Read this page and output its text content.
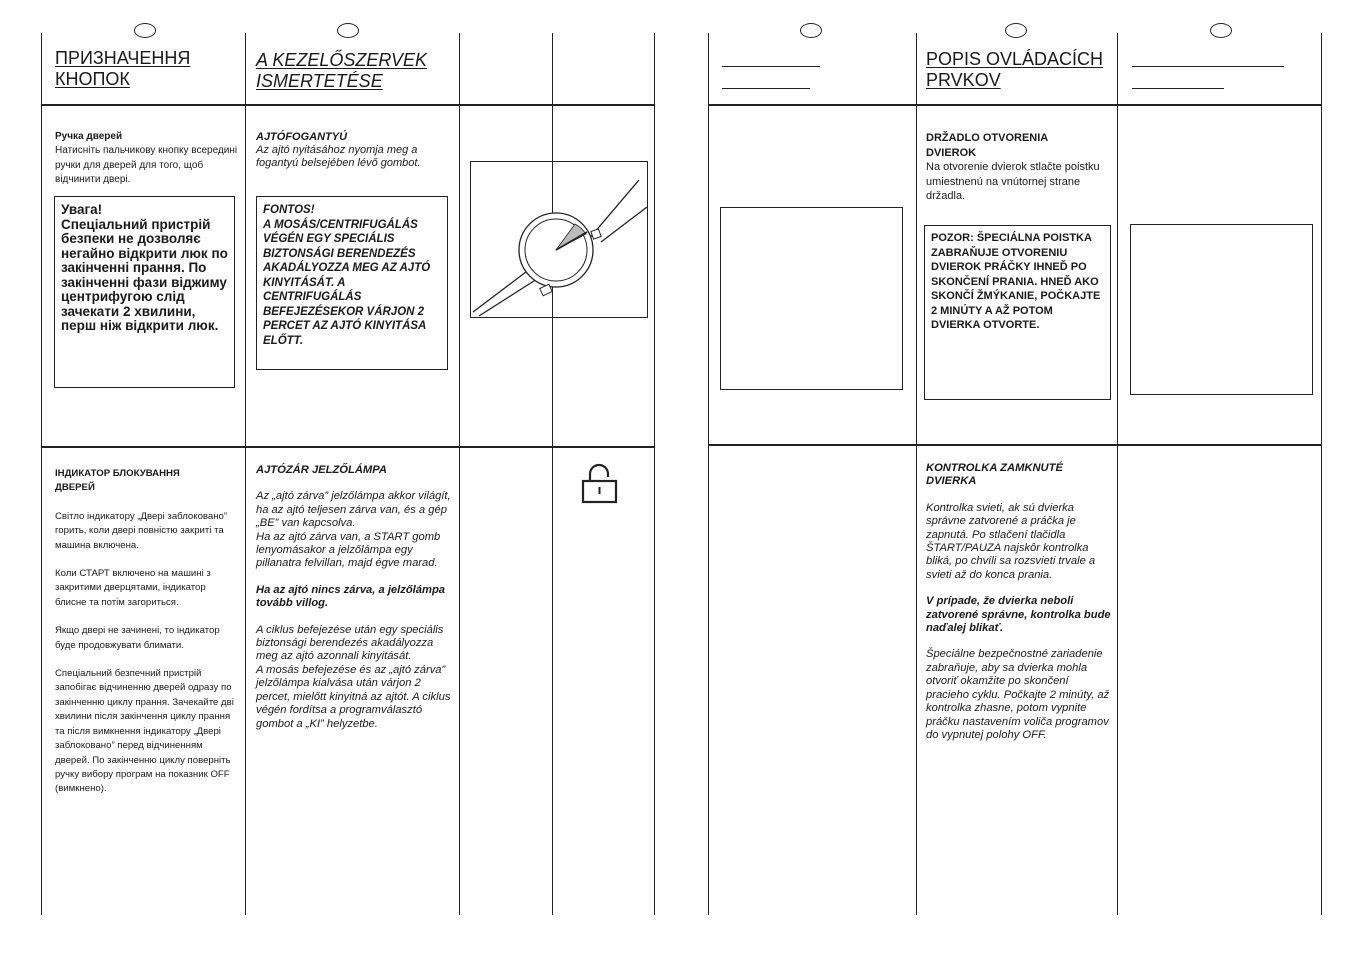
ПРИЗНАЧЕННЯ
КНОПОК
A KEZELŐSZERVEK
ISMERTETÉSE
POPIS OVLÁDACÍCH
PRVKOV
Ручка дверей
Натисніть пальчикову кнопку всередині ручки для дверей для того, щоб відчинити двері.
Увага!
Спеціальний пристрій безпеки не дозволяє негайно відкрити люк по закінченні прання. По закінченні фази віджиму центрифугою слід зачекати 2 хвилини, перш ніж відкрити люк.
AJTÓFOGANTYÚ
Az ajtó nyitásához nyomja meg a fogantyú belsejében lévő gombot.
FONTOS!
A MOSÁS/CENTRIFUGÁLÁS VÉGÉN EGY SPECIÁLIS BIZTONSÁGI BERENDEZÉS AKADÁLYOZZA MEG AZ AJTÓ KINYITÁSÁT. A CENTRIFUGÁLÁS BEFEJEZÉSEKOR VÁRJON 2 PERCET AZ AJTÓ KINYITÁSA ELŐTT.
DRŽADLO OTVORENIA DVIEROK
Na otvorenie dvierok stlačte poistku umiestnenú na vnútornej strane držadla.
POZOR: ŠPECIÁLNA POISTKA ZABRAŇUJE OTVORENIU DVIEROK PRÁČKY IHNEĎ PO SKONČENÍ PRANIA. HNEĎ AKO SKONČÍ ŽMÝKANIE, POČKAJTE 2 MINÚTY A AŽ POTOM DVIERKA OTVORTE.
ІНДИКАТОР БЛОКУВАННЯ ДВЕРЕЙ
Світло індикатору „Двері заблоковано” горить, коли двері повністю закриті та машина включена.
Коли СТАРТ включено на машині з закритими дверцятами, індикатор блисне та потім загориться.
Якщо двері не зачинені, то індикатор буде продовжувати блимати.
Спеціальний безпечний пристрій запобігає відчиненню дверей одразу по закінченню циклу прання. Зачекайте дві хвилини після закінчення циклу прання та після вимкнення індикатору „Двері заблоковано” перед відчиненням дверей. По закінченню циклу поверніть ручку вибору програм на показник OFF (вимкнено).
AJTÓZÁR JELZŐLÁMPA
Az „ajtó zárva” jelzőlámpa akkor világít, ha az ajtó teljesen zárva van, és a gép „BE” van kapcsolva.
Ha az ajtó zárva van, a START gomb lenyomásakor a jelzőlámpa egy pillanatra felvillan, majd égve marad.
Ha az ajtó nincs zárva, a jelzőlámpa tovább villog.
A ciklus befejezése után egy speciális biztonsági berendezés akadályozza meg az ajtó azonnali kinyitását.
A mosás befejezése és az „ajtó zárva” jelzőlámpa kialvása után várjon 2 percet, mielőtt kinyitná az ajtót. A ciklus végén fordítsa a programválasztó gombot a „KI” helyzetbe.
KONTROLKA ZAMKNUTÉ DVIERKA
Kontrolka svieti, ak sú dvierka správne zatvorené a práčka je zapnutá. Po stlačení tlačidla ŠTART/PAUZA najskôr kontrolka bliká, po chvíli sa rozsvieti trvale a svieti až do konca prania.
V prípade, že dvierka neboli zatvorené správne, kontrolka bude naďalej blikať.
Špeciálne bezpečnostné zariadenie zabraňuje, aby sa dvierka mohla otvoriť okamžite po skončení pracieho cyklu. Počkajte 2 minúty, až kontrolka zhasne, potom vypnite práčku nastavením voliča programov do vypnutej polohy OFF.
